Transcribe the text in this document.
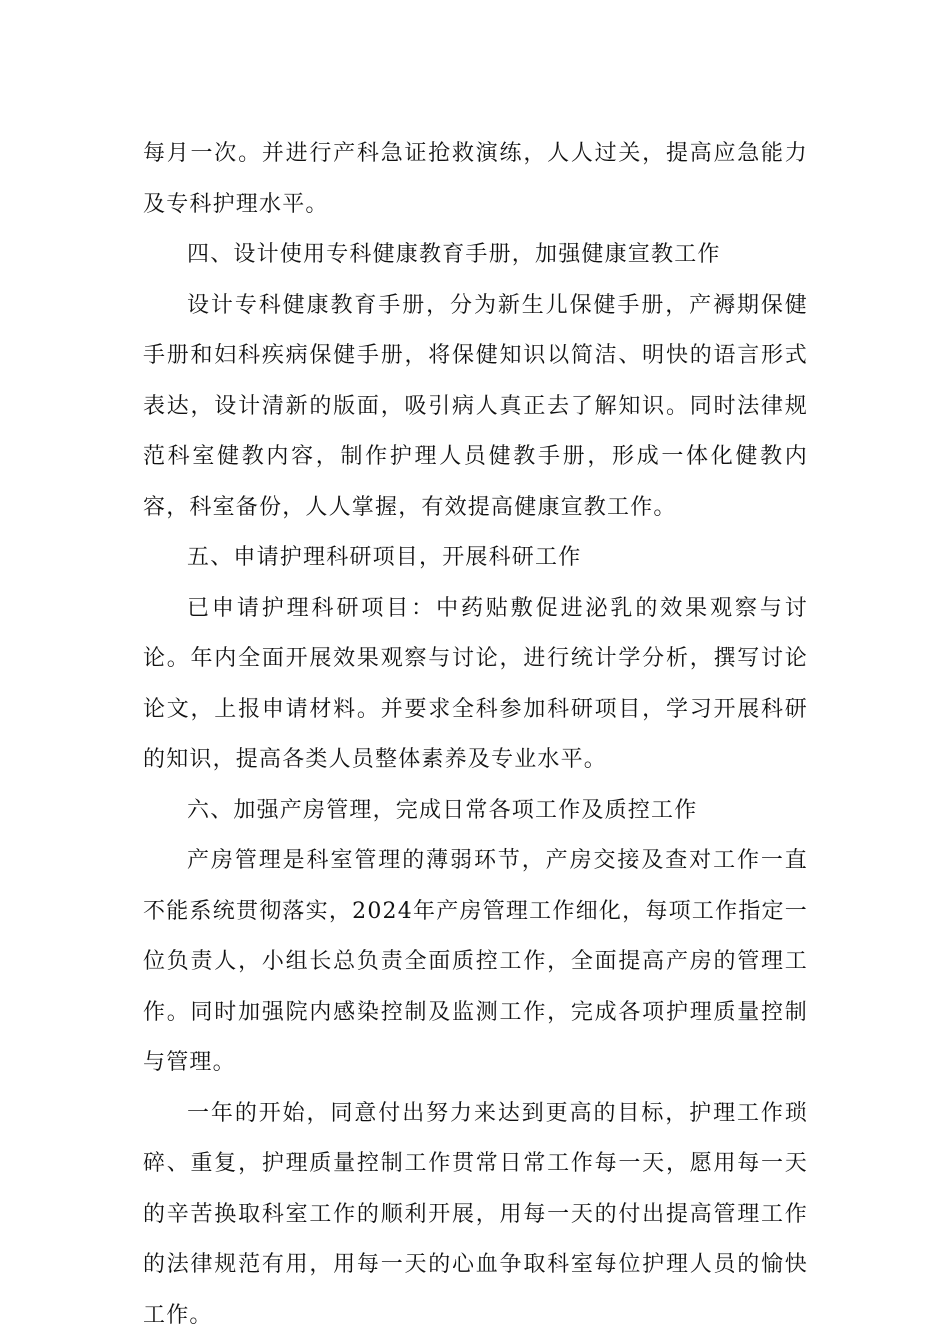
每月一次。并进行产科急证抢救演练，人人过关，提高应急能力及专科护理水平。

四、设计使用专科健康教育手册，加强健康宣教工作

设计专科健康教育手册，分为新生儿保健手册，产褥期保健手册和妇科疾病保健手册，将保健知识以简洁、明快的语言形式表达，设计清新的版面，吸引病人真正去了解知识。同时法律规范科室健教内容，制作护理人员健教手册，形成一体化健教内容，科室备份，人人掌握，有效提高健康宣教工作。

五、申请护理科研项目，开展科研工作

已申请护理科研项目：中药贴敷促进泌乳的效果观察与讨论。年内全面开展效果观察与讨论，进行统计学分析，撰写讨论论文，上报申请材料。并要求全科参加科研项目，学习开展科研的知识，提高各类人员整体素养及专业水平。

六、加强产房管理，完成日常各项工作及质控工作

产房管理是科室管理的薄弱环节，产房交接及查对工作一直不能系统贯彻落实，2024年产房管理工作细化，每项工作指定一位负责人，小组长总负责全面质控工作，全面提高产房的管理工作。同时加强院内感染控制及监测工作，完成各项护理质量控制与管理。

一年的开始，同意付出努力来达到更高的目标，护理工作琐碎、重复，护理质量控制工作贯常日常工作每一天，愿用每一天的辛苦换取科室工作的顺利开展，用每一天的付出提高管理工作的法律规范有用，用每一天的心血争取科室每位护理人员的愉快工作。
